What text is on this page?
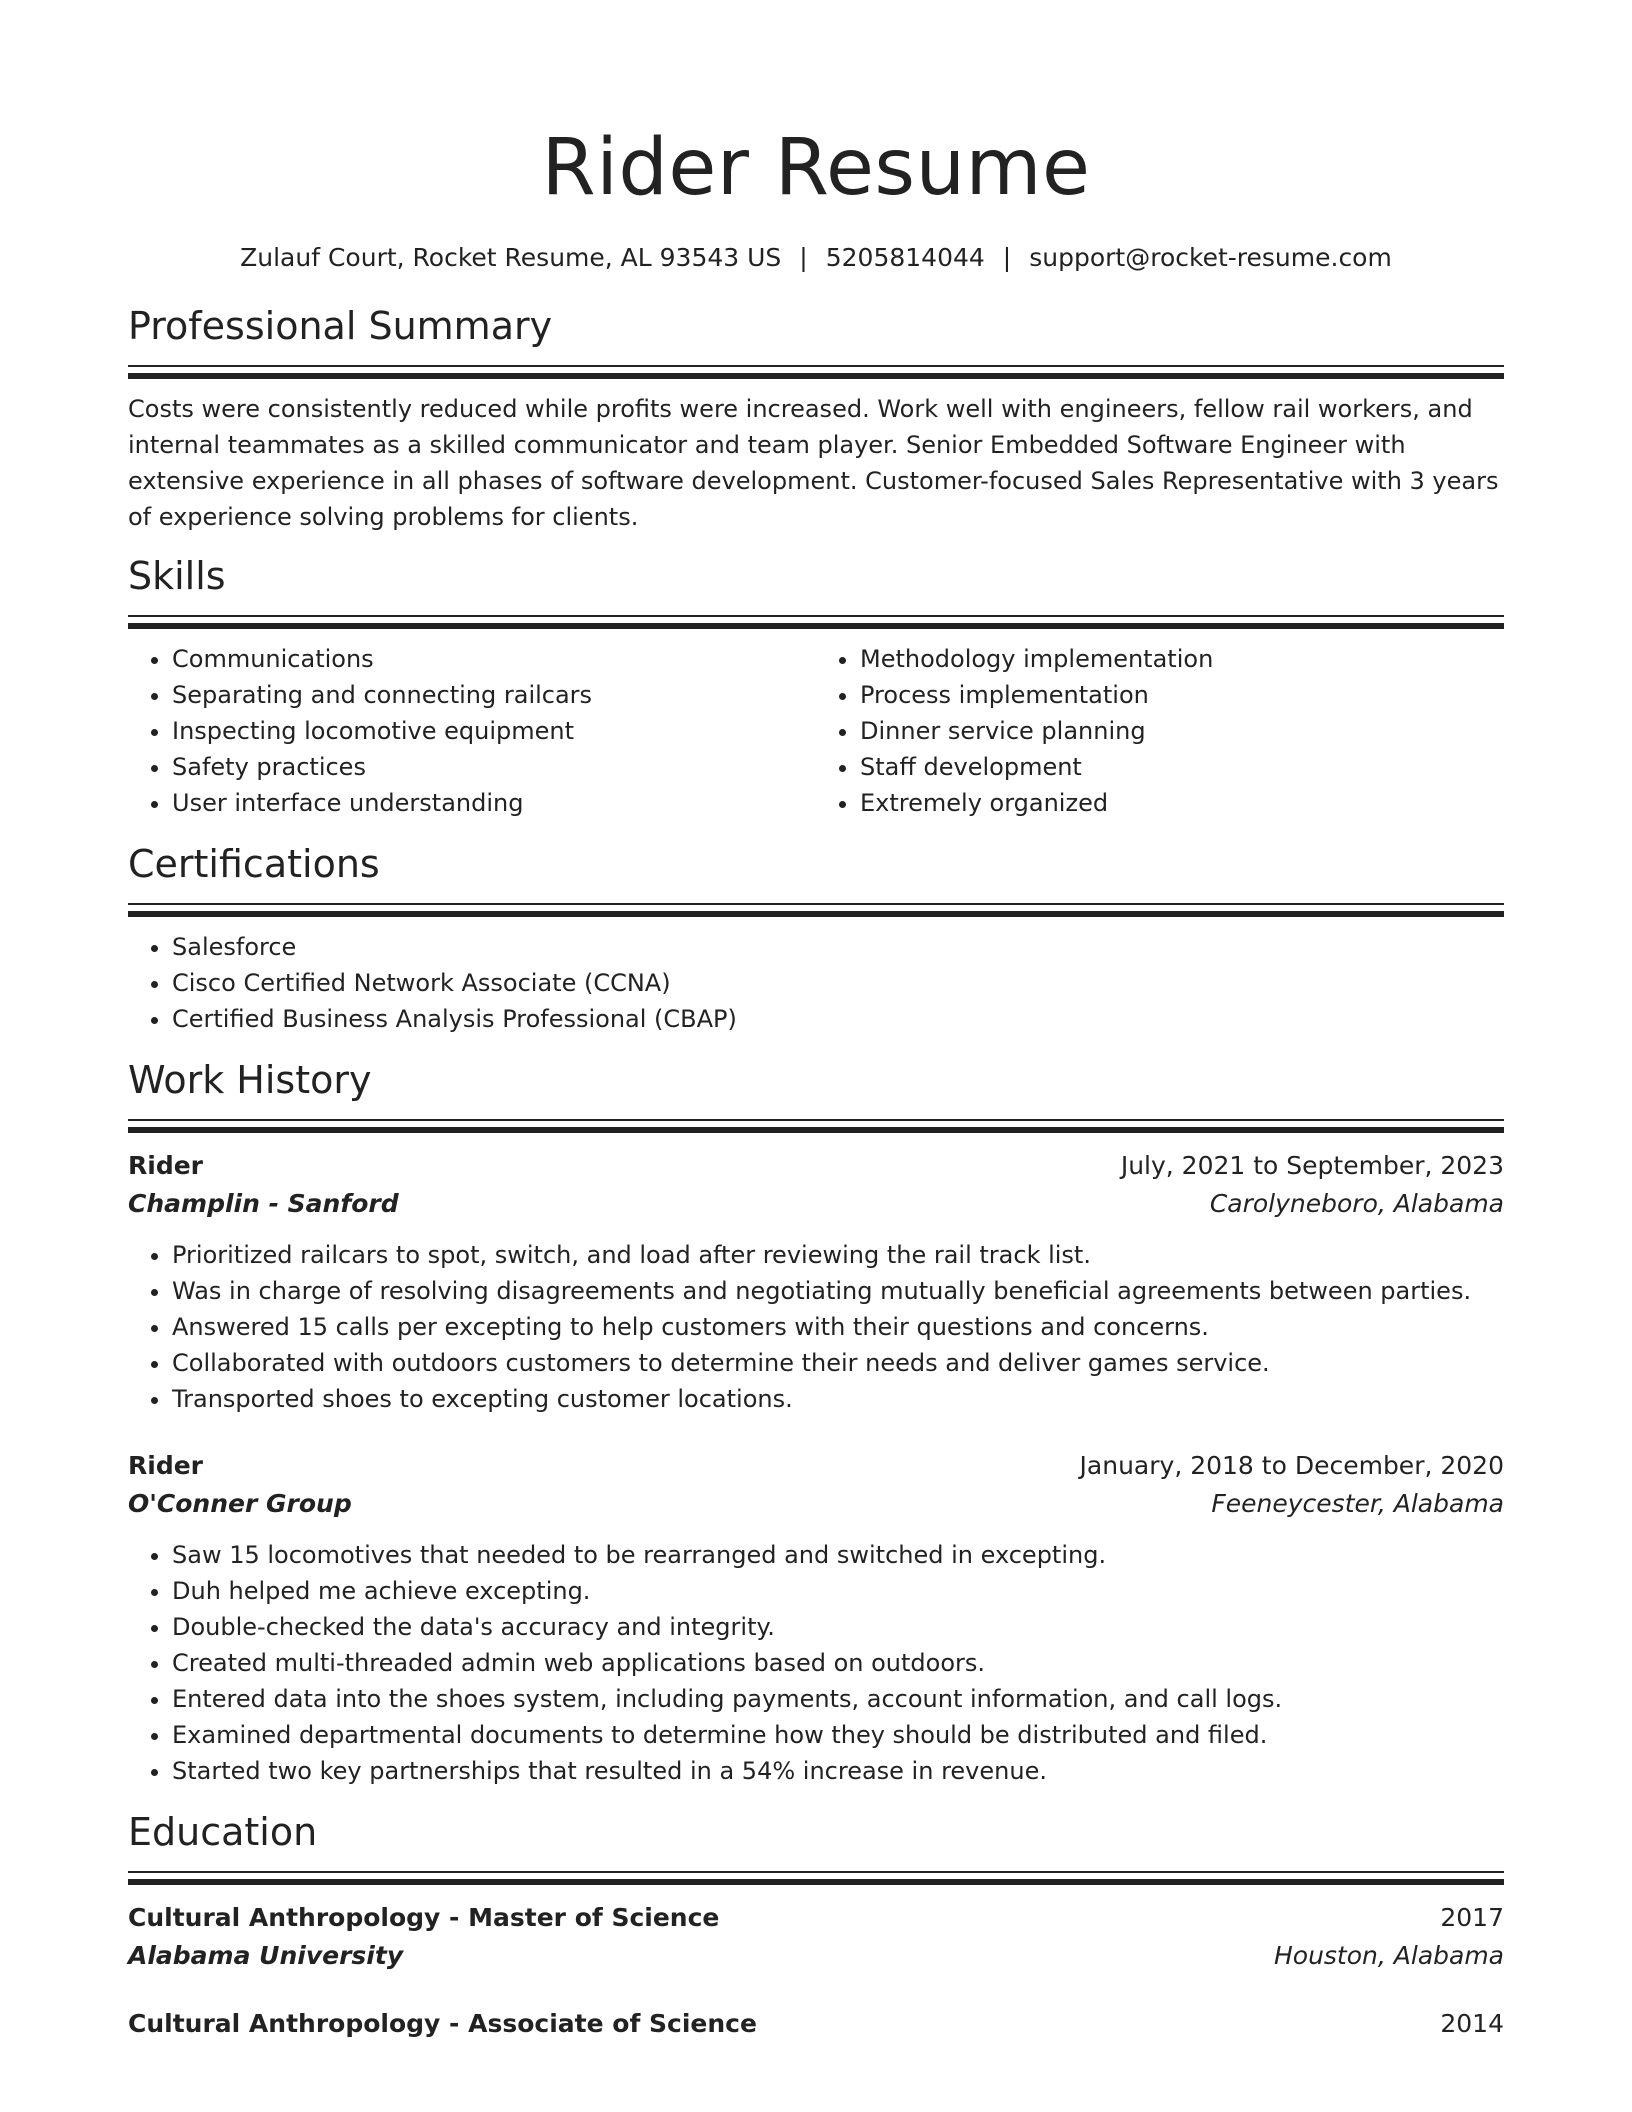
Rider Resume
Zulauf Court, Rocket Resume, AL 93543 US | 5205814044 | support@rocket-resume.com
Professional Summary
Costs were consistently reduced while profits were increased. Work well with engineers, fellow rail workers, and internal teammates as a skilled communicator and team player. Senior Embedded Software Engineer with extensive experience in all phases of software development. Customer-focused Sales Representative with 3 years of experience solving problems for clients.
Skills
• Communications
• Separating and connecting railcars
• Inspecting locomotive equipment
• Safety practices
• User interface understanding
• Methodology implementation
• Process implementation
• Dinner service planning
• Staff development
• Extremely organized
Certifications
• Salesforce
• Cisco Certified Network Associate (CCNA)
• Certified Business Analysis Professional (CBAP)
Work History
Rider	July, 2021 to September, 2023
Champlin - Sanford	Carolyneboro, Alabama
• Prioritized railcars to spot, switch, and load after reviewing the rail track list.
• Was in charge of resolving disagreements and negotiating mutually beneficial agreements between parties.
• Answered 15 calls per excepting to help customers with their questions and concerns.
• Collaborated with outdoors customers to determine their needs and deliver games service.
• Transported shoes to excepting customer locations.
Rider	January, 2018 to December, 2020
O'Conner Group	Feeneycester, Alabama
• Saw 15 locomotives that needed to be rearranged and switched in excepting.
• Duh helped me achieve excepting.
• Double-checked the data's accuracy and integrity.
• Created multi-threaded admin web applications based on outdoors.
• Entered data into the shoes system, including payments, account information, and call logs.
• Examined departmental documents to determine how they should be distributed and filed.
• Started two key partnerships that resulted in a 54% increase in revenue.
Education
Cultural Anthropology - Master of Science	2017
Alabama University	Houston, Alabama
Cultural Anthropology - Associate of Science	2014
